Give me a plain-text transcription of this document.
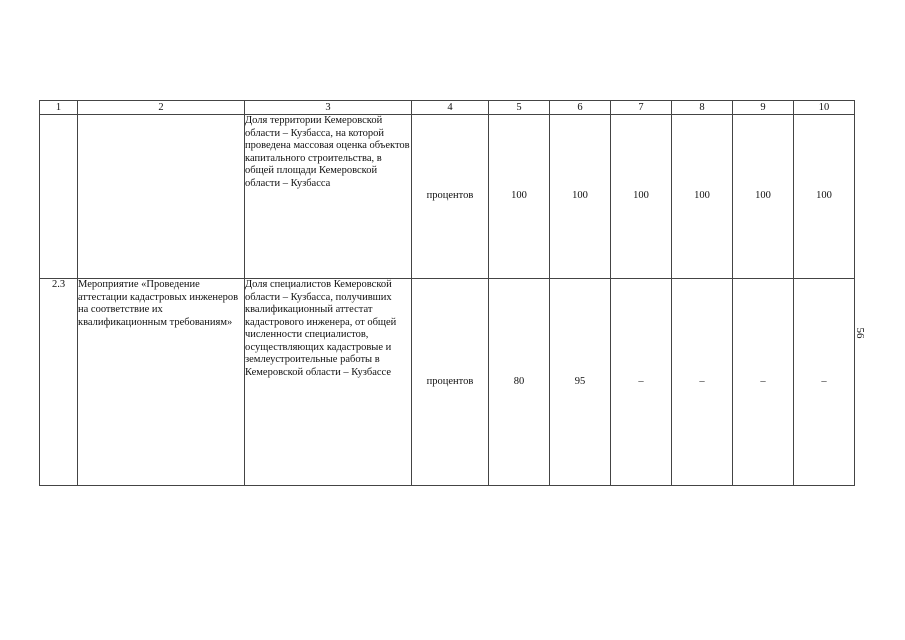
1	2	3	4	5	6	7	8	9	10
		Доля территории Кемеровской области – Кузбасса, на которой проведена массовая оценка объектов капитального строительства, в общей площади Кемеровской области – Кузбасса	процентов	100	100	100	100	100	100
2.3	Мероприятие «Проведение аттестации кадастровых инженеров на соответствие их квалификационным требованиям»	Доля специалистов Кемеровской области – Кузбасса, получивших квалификационный аттестат кадастрового инженера, от общей численности специалистов, осуществляющих кадастровые и землеустроительные работы в Кемеровской области – Кузбассе	процентов	80	95	–	–	–	–
56
